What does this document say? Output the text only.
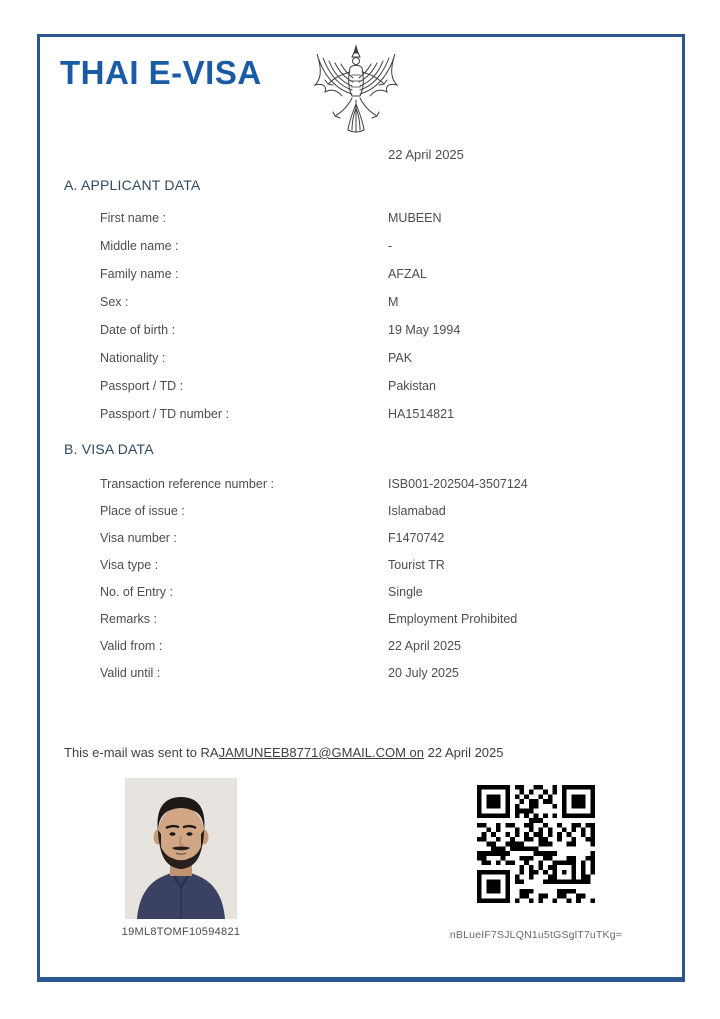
THAI E-VISA
22 April 2025
A. APPLICANT DATA
First name :	MUBEEN
Middle name :	-
Family name :	AFZAL
Sex :	M
Date of birth :	19 May 1994
Nationality :	PAK
Passport / TD :	Pakistan
Passport / TD number :	HA1514821
B. VISA DATA
Transaction reference number :	ISB001-202504-3507124
Place of issue :	Islamabad
Visa number :	F1470742
Visa type :	Tourist TR
No. of Entry :	Single
Remarks :	Employment Prohibited
Valid from :	22 April 2025
Valid until :	20 July 2025
This e-mail was sent to RAJAMUNEEB8771@GMAIL.COM on 22 April 2025
19ML8TOMF10594821	nBLueIF7SJLQN1u5tGSglT7uTKg=
